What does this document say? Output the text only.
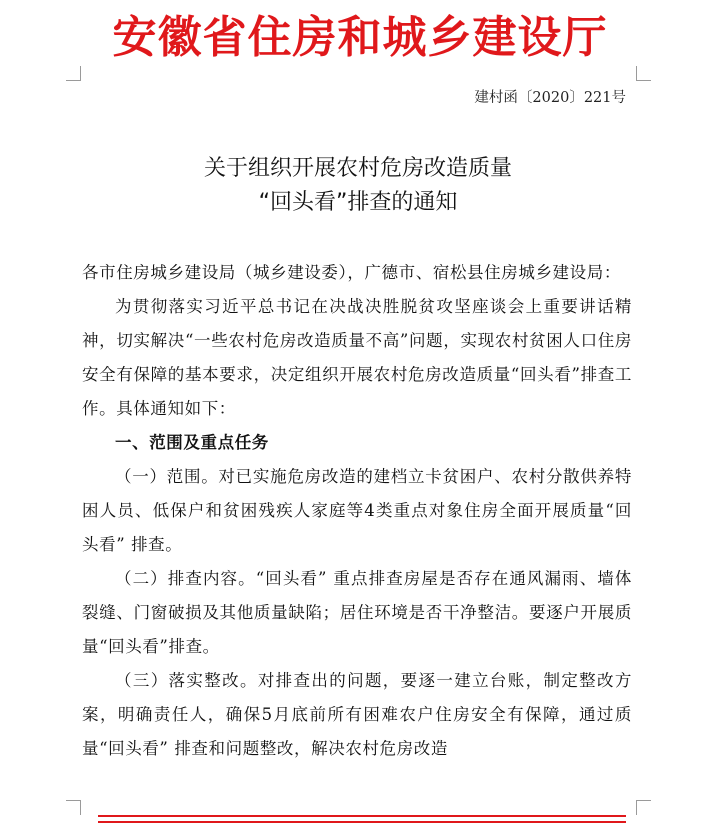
安徽省住房和城乡建设厅
建村函〔2020〕221号
关于组织开展农村危房改造质量
“回头看”排查的通知

各市住房城乡建设局（城乡建设委），广德市、宿松县住房城乡建设局：

为贯彻落实习近平总书记在决战决胜脱贫攻坚座谈会上重要讲话精神，切实解决“一些农村危房改造质量不高”问题，实现农村贫困人口住房安全有保障的基本要求，决定组织开展农村危房改造质量“回头看”排查工作。具体通知如下：

一、范围及重点任务

（一）范围。对已实施危房改造的建档立卡贫困户、农村分散供养特困人员、低保户和贫困残疾人家庭等4类重点对象住房全面开展质量“回头看” 排查。

（二）排查内容。“回头看” 重点排查房屋是否存在通风漏雨、墙体裂缝、门窗破损及其他质量缺陷；居住环境是否干净整洁。要逐户开展质量“回头看”排查。

（三）落实整改。对排查出的问题，要逐一建立台账，制定整改方案，明确责任人，确保5月底前所有困难农户住房安全有保障，通过质量“回头看” 排查和问题整改，解决农村危房改造
